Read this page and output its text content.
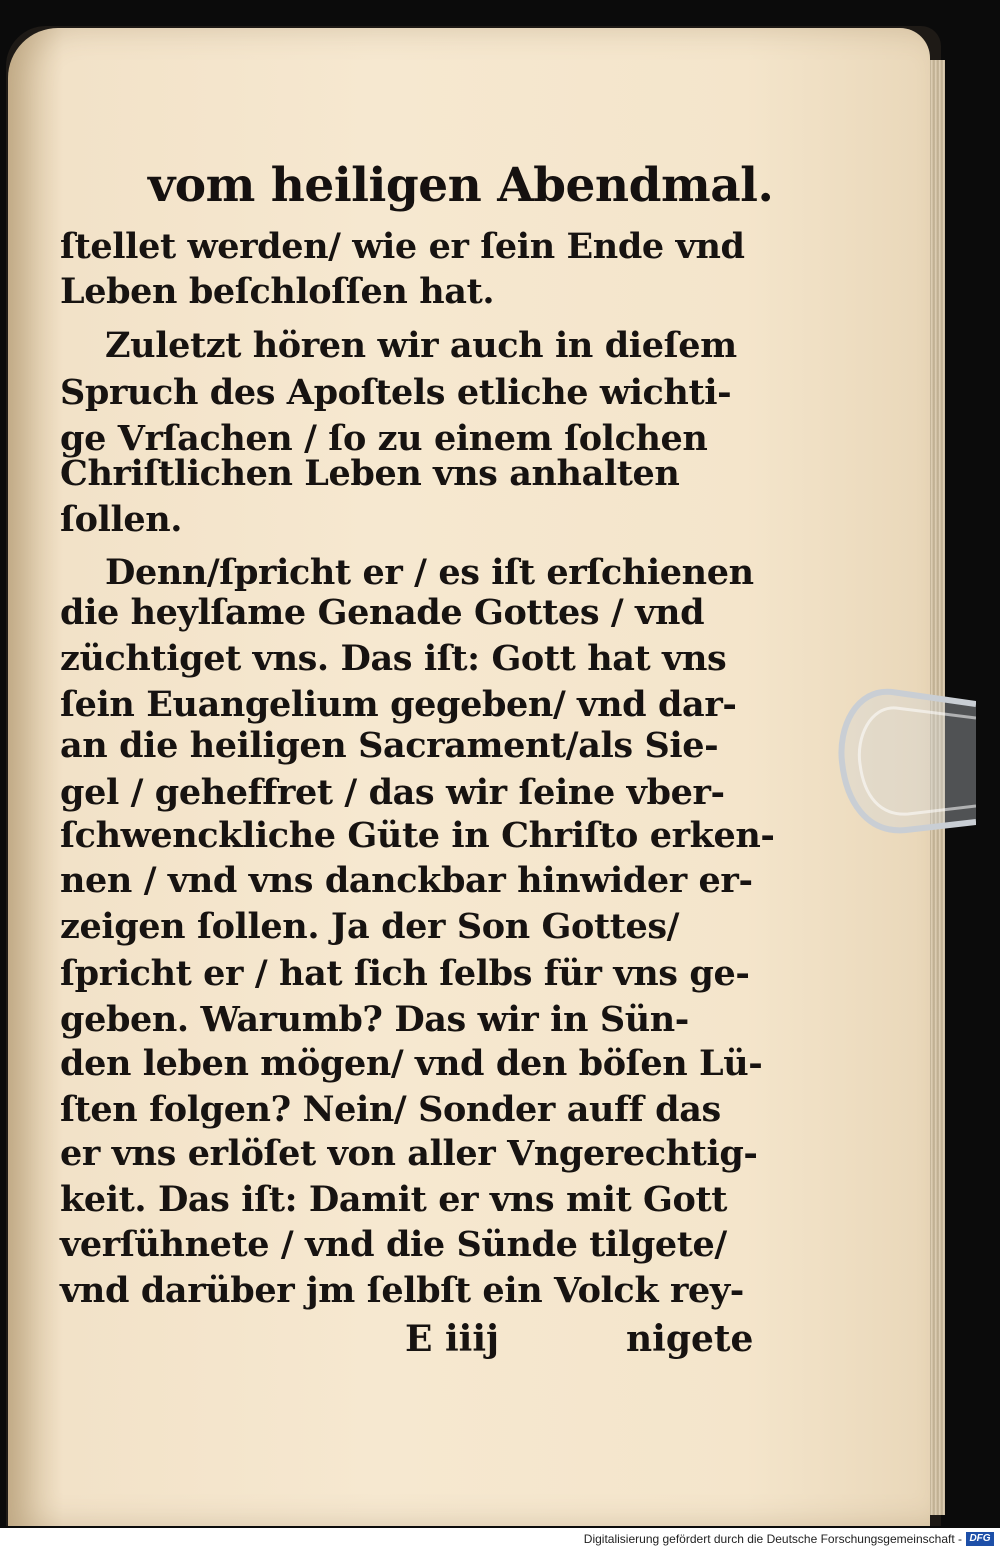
vom heiligen Abendmal.
ſtellet werden/ wie er ſein Ende vnd
Leben beſchloſſen hat.
Zuletzt hören wir auch in dieſem
Spruch des Apoſtels etliche wichti-
ge Vrſachen / ſo zu einem ſolchen
Chriſtlichen Leben vns anhalten
ſollen.
Denn/ſpricht er / es iſt erſchienen
die heylſame Genade Gottes / vnd
züchtiget vns. Das iſt: Gott hat vns
ſein Euangelium gegeben/ vnd dar-
an die heiligen Sacrament/als Sie-
gel / geheffret / das wir ſeine vber-
ſchwenckliche Güte in Chriſto erken-
nen / vnd vns danckbar hinwider er-
zeigen ſollen. Ja der Son Gottes/
ſpricht er / hat ſich ſelbs für vns ge-
geben. Warumb? Das wir in Sün-
den leben mögen/ vnd den böſen Lü-
ſten folgen? Nein/ Sonder auff das
er vns erlöſet von aller Vngerechtig-
keit. Das iſt: Damit er vns mit Gott
verſühnete / vnd die Sünde tilgete/
vnd darüber jm ſelbſt ein Volck rey-
E iiij	nigete
Digitalisierung gefördert durch die Deutsche Forschungsgemeinschaft - DFG
